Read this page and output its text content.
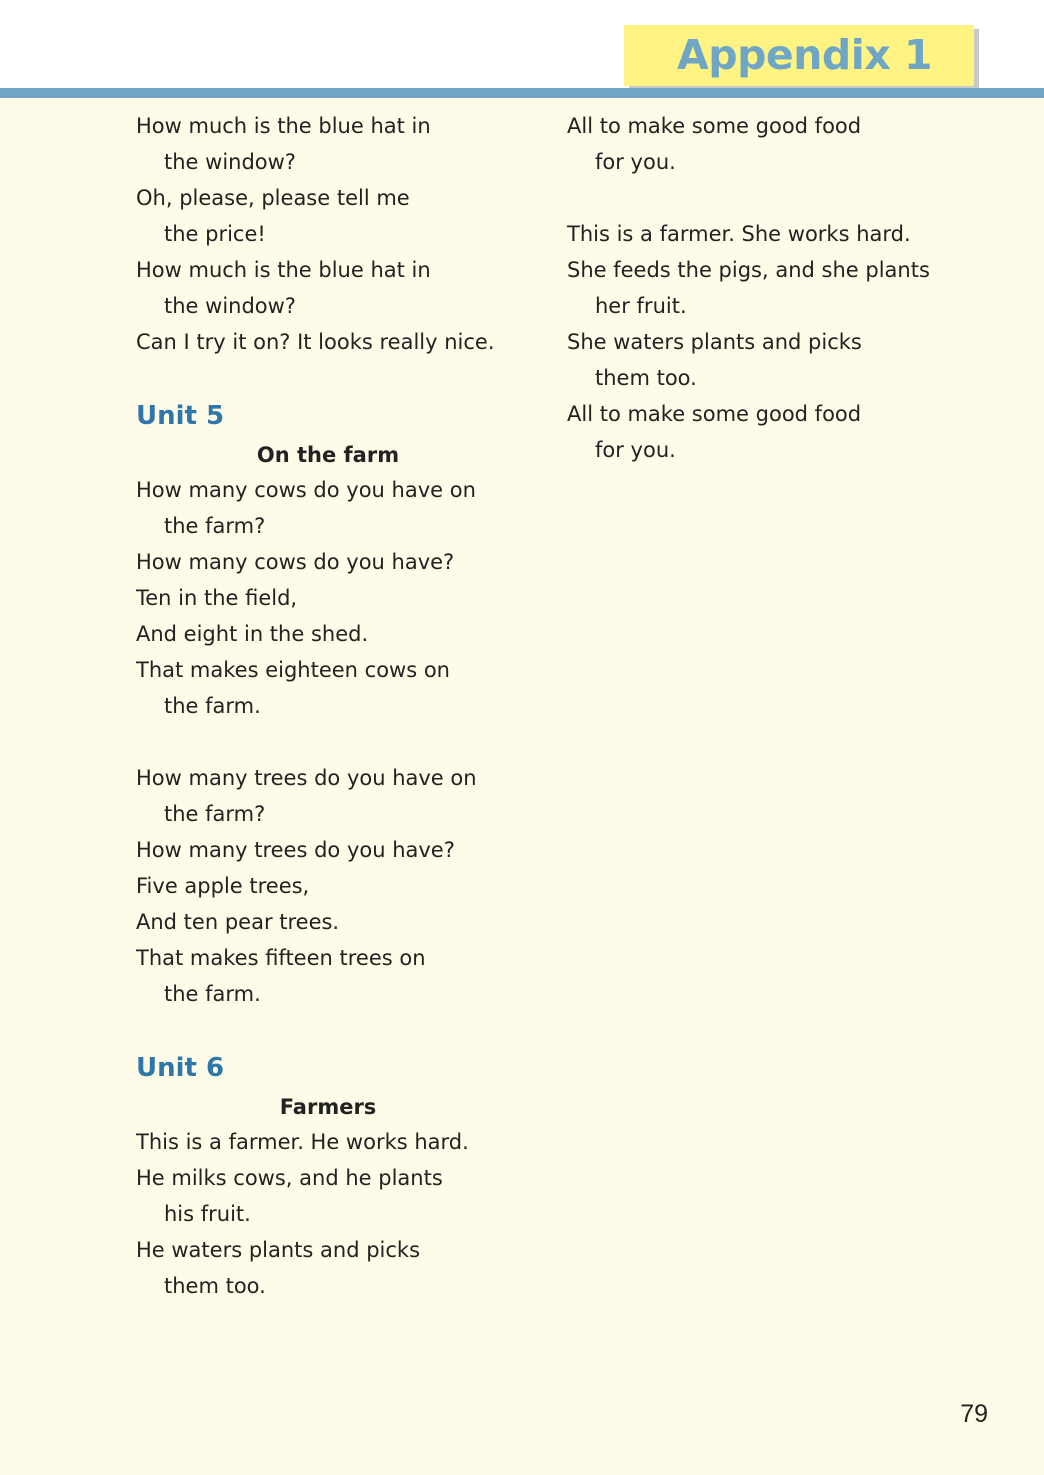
Appendix 1
How much is the blue hat in
the window?
Oh, please, please tell me
the price!
How much is the blue hat in
the window?
Can I try it on? It looks really nice.
Unit 5
On the farm
How many cows do you have on
the farm?
How many cows do you have?
Ten in the field,
And eight in the shed.
That makes eighteen cows on
the farm.
How many trees do you have on
the farm?
How many trees do you have?
Five apple trees,
And ten pear trees.
That makes fifteen trees on
the farm.
Unit 6
Farmers
This is a farmer. He works hard.
He milks cows, and he plants
his fruit.
He waters plants and picks
them too.
All to make some good food
for you.
This is a farmer. She works hard.
She feeds the pigs, and she plants
her fruit.
She waters plants and picks
them too.
All to make some good food
for you.
79
